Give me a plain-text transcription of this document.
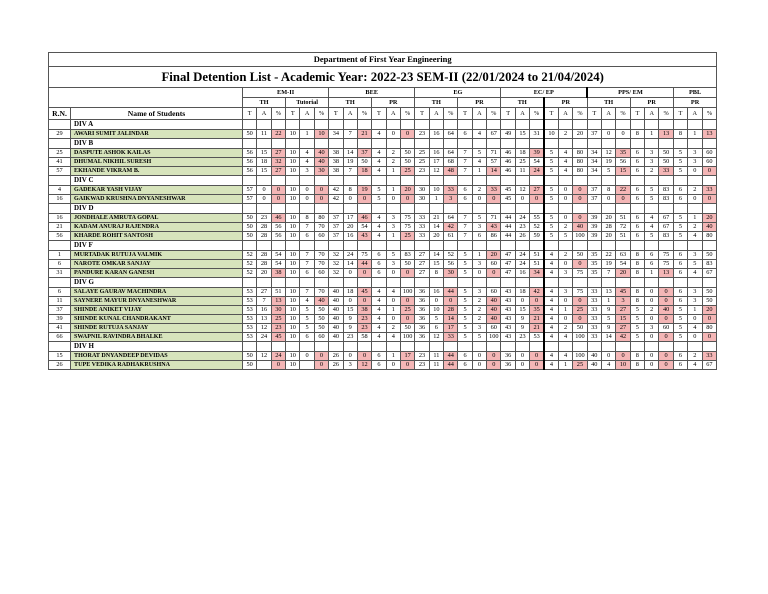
Department of First Year Engineering																																		
Final Detention List - Academic Year: 2022-23 SEM-II (22/01/2024 to 21/04/2024)																																		
		EM-II						BEE						EG						EC/ EP						PPS/ EM						PBL		
		TH			Tutorial			TH			PR			TH			PR			TH			PR			TH			PR			PR		
R.N.	Name of Students	T	A	%	T	A	%	T	A	%	T	A	%	T	A	%	T	A	%	T	A	%	T	A	%	T	A	%	T	A	%	T	A	%
	DIV A																																	
29	AWARI SUMIT JALINDAR	50	11	22	10	1	10	34	7	21	4	0	0	23	16	64	6	4	67	49	15	31	10	2	20	37	0	0	8	1	13	8	1	13
	DIV B																																	
25	DASPUTE ASHOK KAILAS	56	15	27	10	4	40	38	14	37	4	2	50	25	16	64	7	5	71	46	18	39	5	4	80	34	12	35	6	3	50	5	3	60
41	DHUMAL NIKHIL SURESH	56	18	32	10	4	40	38	19	50	4	2	50	25	17	68	7	4	57	46	25	54	5	4	80	34	19	56	6	3	50	5	3	60
57	EKHANDE VIKRAM B.	56	15	27	10	3	30	38	7	18	4	1	25	23	12	48	7	1	14	46	11	24	5	4	80	34	5	15	6	2	33	5	0	0
	DIV C																																	
4	GADEKAR YASH VIJAY	57	0	0	10	0	0	42	8	19	5	1	20	30	10	33	6	2	33	45	12	27	5	0	0	37	8	22	6	5	83	6	2	33
16	GAIKWAD KRUSHNA DNYANESHWAR	57	0	0	10	0	0	42	0	0	5	0	0	30	1	3	6	0	0	45	0	0	5	0	0	37	0	0	6	5	83	6	0	0
	DIV D																																	
16	JONDHALE AMRUTA GOPAL	50	23	46	10	8	80	37	17	46	4	3	75	33	21	64	7	5	71	44	24	55	5	0	0	39	20	51	6	4	67	5	1	20
21	KADAM ANURAJ RAJENDRA	50	28	56	10	7	70	37	20	54	4	3	75	33	14	42	7	3	43	44	23	52	5	2	40	39	28	72	6	4	67	5	2	40
56	KHARDE ROHIT SANTOSH	50	28	56	10	6	60	37	16	43	4	1	25	33	20	61	7	6	86	44	26	59	5	5	100	39	20	51	6	5	83	5	4	80
	DIV F																																	
1	MURTADAK RUTUJA VALMIK	52	28	54	10	7	70	32	24	75	6	5	83	27	14	52	5	1	20	47	24	51	4	2	50	35	22	63	8	6	75	6	3	50
6	NAROTE OMKAR SANJAY	52	28	54	10	7	70	32	14	44	6	3	50	27	15	56	5	3	60	47	24	51	4	0	0	35	19	54	8	6	75	6	5	83
31	PANDURE KARAN GANESH	52	20	38	10	6	60	32	0	0	6	0	0	27	8	30	5	0	0	47	16	34	4	3	75	35	7	20	8	1	13	6	4	67
	DIV G																																	
6	SALAYE GAURAV MACHINDRA	53	27	51	10	7	70	40	18	45	4	4	100	36	16	44	5	3	60	43	18	42	4	3	75	33	13	45	8	0	0	6	3	50
11	SAYNERE MAYUR DNYANESHWAR	53	7	13	10	4	40	40	0	0	4	0	0	36	0	0	5	2	40	43	0	0	4	0	0	33	1	3	8	0	0	6	3	50
37	SHINDE ANIKET VIJAY	53	16	30	10	5	50	40	15	38	4	1	25	36	10	28	5	2	40	43	15	35	4	1	25	33	9	27	5	2	40	5	1	20
39	SHINDE KUNAL CHANDRAKANT	53	13	25	10	5	50	40	9	23	4	0	0	36	5	14	5	2	40	43	9	21	4	0	0	33	5	15	5	0	0	5	0	0
41	SHINDE RUTUJA SANJAY	53	12	23	10	5	50	40	9	23	4	2	50	36	6	17	5	3	60	43	9	21	4	2	50	33	9	27	5	3	60	5	4	80
66	SWAPNIL RAVINDRA BHALKE	53	24	45	10	6	60	40	23	58	4	4	100	36	12	33	5	5	100	43	23	53	4	4	100	33	14	42	5	0	0	5	0	0
	DIV H																																	
15	THORAT DNYANDEEP DEVIDAS	50	12	24	10	0	0	26	0	0	6	1	17	23	11	44	6	0	0	36	0	0	4	4	100	40	0	0	8	0	0	6	2	33
26	TUPE VEDIKA RADHAKRUSHNA	50		0	10		0	26	3	12	6	0	0	23	11	44	6	0	0	36	0	0	4	1	25	40	4	10	8	0	0	6	4	67
